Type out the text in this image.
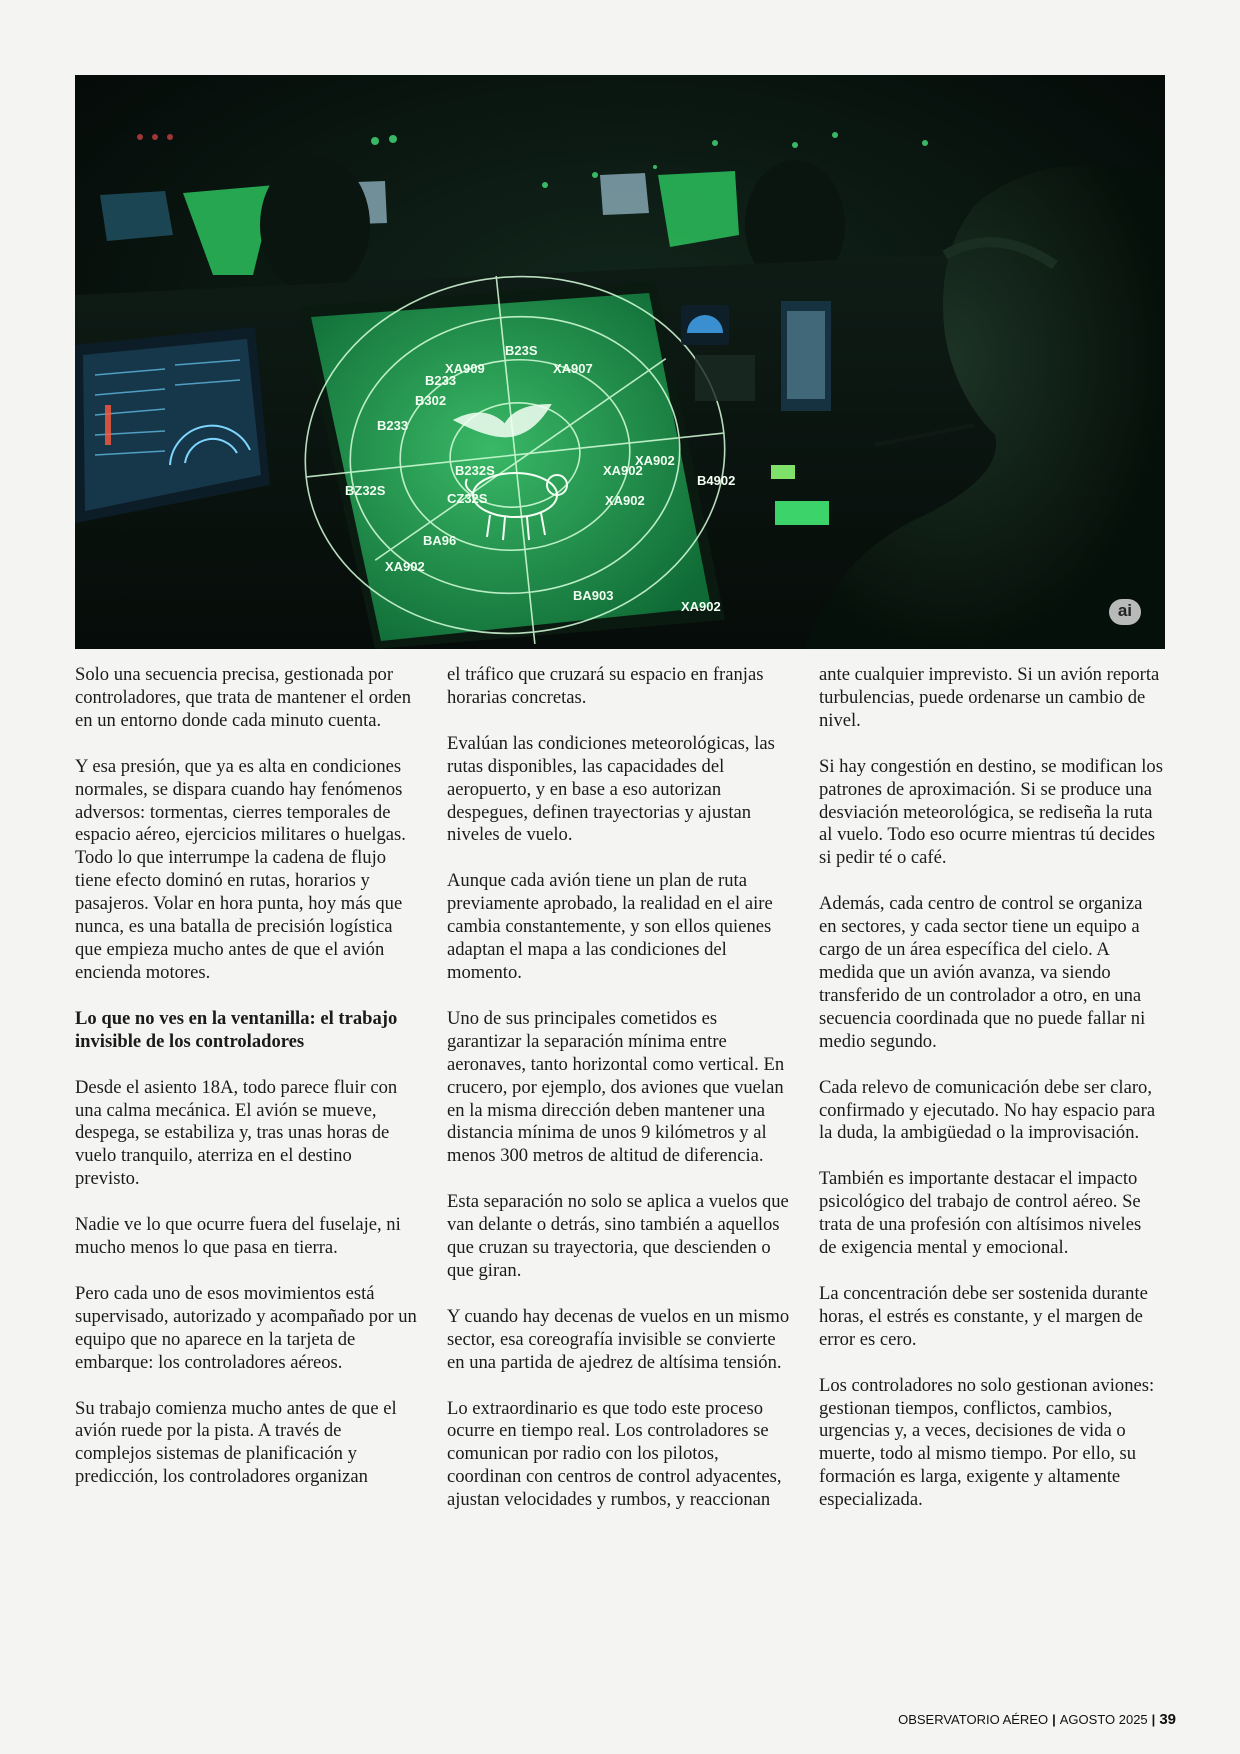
B23S
B233
XA909	XA907
B302
B233
BZ32S
B232S
CZ32S
XA902
XA902
XA902
BA96
XA902
BA903
XA902
B4902
ai

Solo una secuencia precisa, gestionada por controladores, que trata de mantener el orden en un entorno donde cada minuto cuenta.

Y esa presión, que ya es alta en condiciones normales, se dispara cuando hay fenómenos adversos: tormentas, cierres temporales de espacio aéreo, ejercicios militares o huelgas. Todo lo que interrumpe la cadena de flujo tiene efecto dominó en rutas, horarios y pasajeros. Volar en hora punta, hoy más que nunca, es una batalla de precisión logística que empieza mucho antes de que el avión encienda motores.

Lo que no ves en la ventanilla: el trabajo invisible de los controladores

Desde el asiento 18A, todo parece fluir con una calma mecánica. El avión se mueve, despega, se estabiliza y, tras unas horas de vuelo tranquilo, aterriza en el destino previsto.

Nadie ve lo que ocurre fuera del fuselaje, ni mucho menos lo que pasa en tierra.

Pero cada uno de esos movimientos está supervisado, autorizado y acompañado por un equipo que no aparece en la tarjeta de embarque: los controladores aéreos.

Su trabajo comienza mucho antes de que el avión ruede por la pista. A través de complejos sistemas de planificación y predicción, los controladores organizan

el tráfico que cruzará su espacio en franjas horarias concretas.

Evalúan las condiciones meteorológicas, las rutas disponibles, las capacidades del aeropuerto, y en base a eso autorizan despegues, definen trayectorias y ajustan niveles de vuelo.

Aunque cada avión tiene un plan de ruta previamente aprobado, la realidad en el aire cambia constantemente, y son ellos quienes adaptan el mapa a las condiciones del momento.

Uno de sus principales cometidos es garantizar la separación mínima entre aeronaves, tanto horizontal como vertical. En crucero, por ejemplo, dos aviones que vuelan en la misma dirección deben mantener una distancia mínima de unos 9 kilómetros y al menos 300 metros de altitud de diferencia.

Esta separación no solo se aplica a vuelos que van delante o detrás, sino también a aquellos que cruzan su trayectoria, que descienden o que giran.

Y cuando hay decenas de vuelos en un mismo sector, esa coreografía invisible se convierte en una partida de ajedrez de altísima tensión.

Lo extraordinario es que todo este proceso ocurre en tiempo real. Los controladores se comunican por radio con los pilotos, coordinan con centros de control adyacentes, ajustan velocidades y rumbos, y reaccionan

ante cualquier imprevisto. Si un avión reporta turbulencias, puede ordenarse un cambio de nivel.

Si hay congestión en destino, se modifican los patrones de aproximación. Si se produce una desviación meteorológica, se rediseña la ruta al vuelo. Todo eso ocurre mientras tú decides si pedir té o café.

Además, cada centro de control se organiza en sectores, y cada sector tiene un equipo a cargo de un área específica del cielo. A medida que un avión avanza, va siendo transferido de un controlador a otro, en una secuencia coordinada que no puede fallar ni medio segundo.

Cada relevo de comunicación debe ser claro, confirmado y ejecutado. No hay espacio para la duda, la ambigüedad o la improvisación.

También es importante destacar el impacto psicológico del trabajo de control aéreo. Se trata de una profesión con altísimos niveles de exigencia mental y emocional.

La concentración debe ser sostenida durante horas, el estrés es constante, y el margen de error es cero.

Los controladores no solo gestionan aviones: gestionan tiempos, conflictos, cambios, urgencias y, a veces, decisiones de vida o muerte, todo al mismo tiempo. Por ello, su formación es larga, exigente y altamente especializada.

OBSERVATORIO AÉREO | AGOSTO 2025 | 39
